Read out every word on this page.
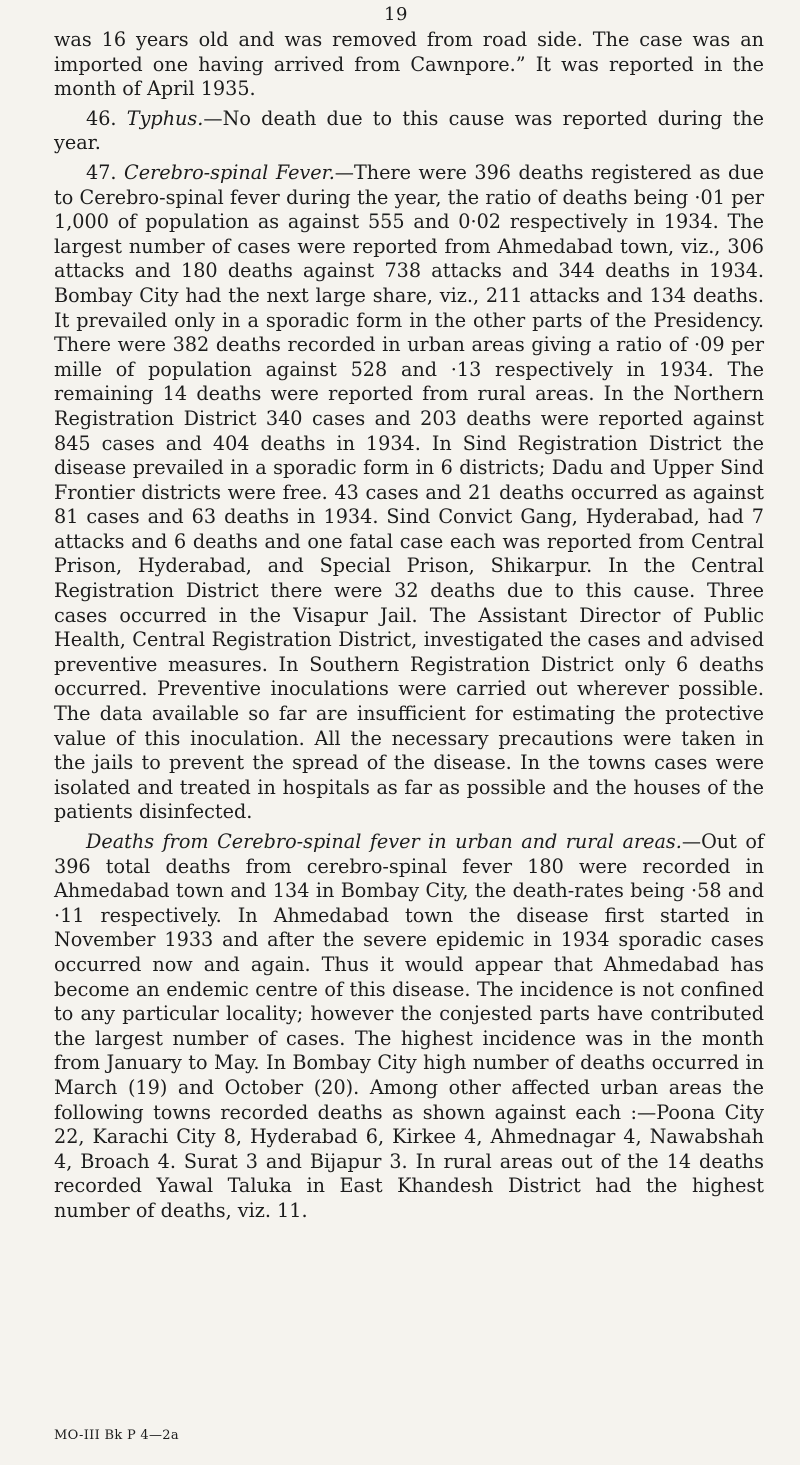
19

was 16 years old and was removed from road side. The case was an imported one having arrived from Cawnpore.” It was reported in the month of April 1935.

46. Typhus.—No death due to this cause was reported during the year.

47. Cerebro-spinal Fever.—There were 396 deaths registered as due to Cerebro-spinal fever during the year, the ratio of deaths being ·01 per 1,000 of population as against 555 and 0·02 respectively in 1934. The largest number of cases were reported from Ahmedabad town, viz., 306 attacks and 180 deaths against 738 attacks and 344 deaths in 1934. Bombay City had the next large share, viz., 211 attacks and 134 deaths. It prevailed only in a sporadic form in the other parts of the Presidency. There were 382 deaths recorded in urban areas giving a ratio of ·09 per mille of population against 528 and ·13 respectively in 1934. The remaining 14 deaths were reported from rural areas. In the Northern Registration District 340 cases and 203 deaths were reported against 845 cases and 404 deaths in 1934. In Sind Registration District the disease prevailed in a sporadic form in 6 districts; Dadu and Upper Sind Frontier districts were free. 43 cases and 21 deaths occurred as against 81 cases and 63 deaths in 1934. Sind Convict Gang, Hyderabad, had 7 attacks and 6 deaths and one fatal case each was reported from Central Prison, Hyderabad, and Special Prison, Shikarpur. In the Central Registration District there were 32 deaths due to this cause. Three cases occurred in the Visapur Jail. The Assistant Director of Public Health, Central Registration District, investigated the cases and advised preventive measures. In Southern Registration District only 6 deaths occurred. Preventive inoculations were carried out wherever possible. The data available so far are insufficient for estimating the protective value of this inoculation. All the necessary precautions were taken in the jails to prevent the spread of the disease. In the towns cases were isolated and treated in hospitals as far as possible and the houses of the patients disinfected.

Deaths from Cerebro-spinal fever in urban and rural areas.—Out of 396 total deaths from cerebro-spinal fever 180 were recorded in Ahmedabad town and 134 in Bombay City, the death-rates being ·58 and ·11 respectively. In Ahmedabad town the disease first started in November 1933 and after the severe epidemic in 1934 sporadic cases occurred now and again. Thus it would appear that Ahmedabad has become an endemic centre of this disease. The incidence is not confined to any particular locality; however the conjested parts have contributed the largest number of cases. The highest incidence was in the month from January to May. In Bombay City high number of deaths occurred in March (19) and October (20). Among other affected urban areas the following towns recorded deaths as shown against each :—Poona City 22, Karachi City 8, Hyderabad 6, Kirkee 4, Ahmednagar 4, Nawabshah 4, Broach 4. Surat 3 and Bijapur 3. In rural areas out of the 14 deaths recorded Yawal Taluka in East Khandesh District had the highest number of deaths, viz. 11.

MO-III Bk P 4—2a
